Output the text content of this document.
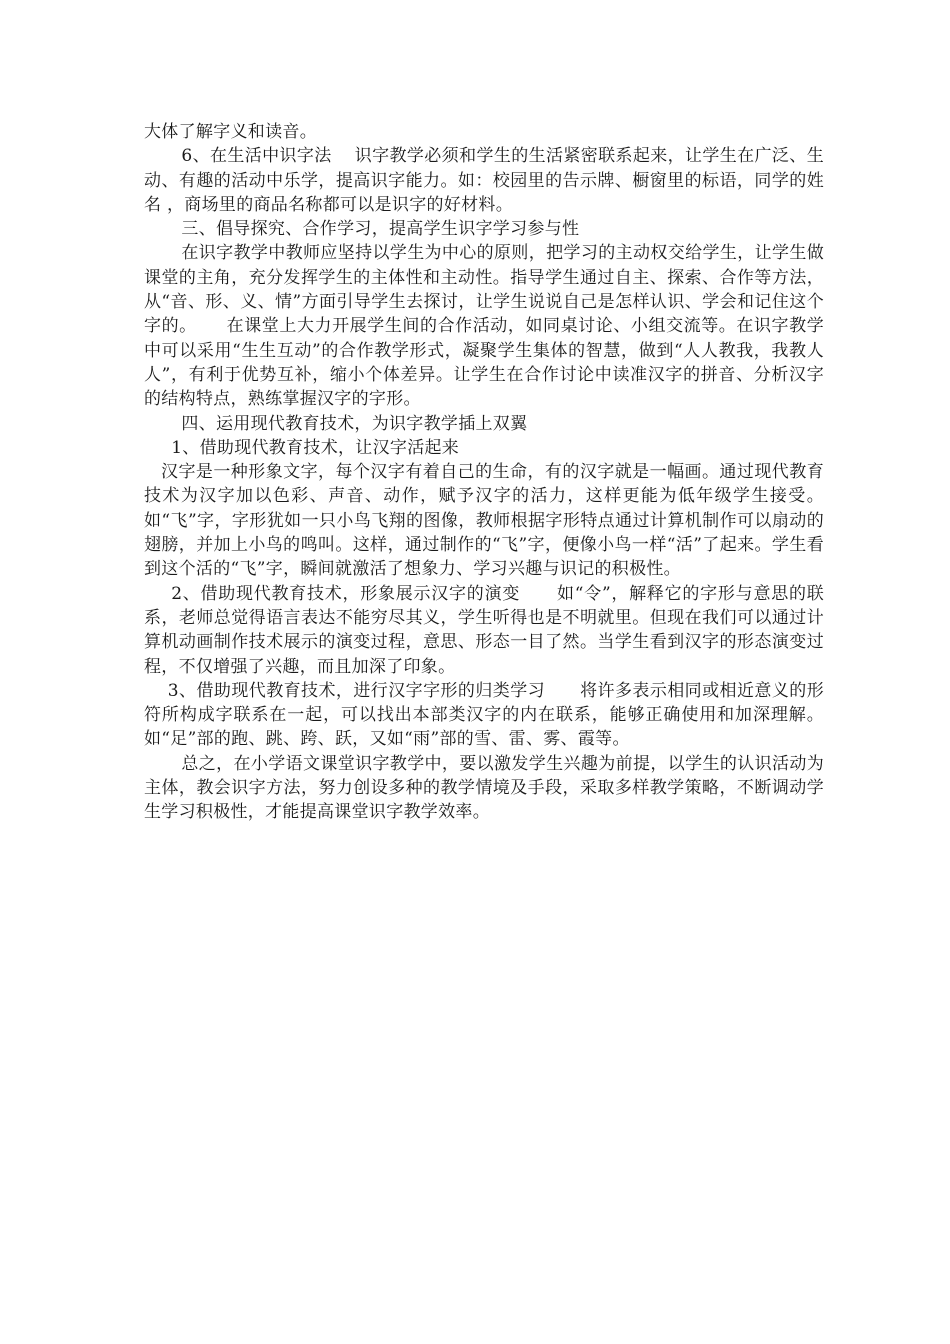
大体了解字义和读音。

6、在生活中识字法    识字教学必须和学生的生活紧密联系起来，让学生在广泛、生动、有趣的活动中乐学，提高识字能力。如：校园里的告示牌、橱窗里的标语，同学的姓名 ，商场里的商品名称都可以是识字的好材料。

三、倡导探究、合作学习，提高学生识字学习参与性

在识字教学中教师应坚持以学生为中心的原则，把学习的主动权交给学生，让学生做课堂的主角，充分发挥学生的主体性和主动性。指导学生通过自主、探索、合作等方法，从“音、形、义、情”方面引导学生去探讨，让学生说说自己是怎样认识、学会和记住这个字的。     在课堂上大力开展学生间的合作活动，如同桌讨论、小组交流等。在识字教学中可以采用“生生互动”的合作教学形式，凝聚学生集体的智慧，做到“人人教我，我教人人”，有利于优势互补，缩小个体差异。让学生在合作讨论中读准汉字的拼音、分析汉字的结构特点，熟练掌握汉字的字形。

四、运用现代教育技术，为识字教学插上双翼

1、借助现代教育技术，让汉字活起来

汉字是一种形象文字，每个汉字有着自己的生命，有的汉字就是一幅画。通过现代教育技术为汉字加以色彩、声音、动作，赋予汉字的活力，这样更能为低年级学生接受。如“飞”字，字形犹如一只小鸟飞翔的图像，教师根据字形特点通过计算机制作可以扇动的翅膀，并加上小鸟的鸣叫。这样，通过制作的“飞”字，便像小鸟一样“活”了起来。学生看到这个活的“飞”字，瞬间就激活了想象力、学习兴趣与识记的积极性。

2、借助现代教育技术，形象展示汉字的演变      如“令”，解释它的字形与意思的联系，老师总觉得语言表达不能穷尽其义，学生听得也是不明就里。但现在我们可以通过计算机动画制作技术展示的演变过程，意思、形态一目了然。当学生看到汉字的形态演变过程，不仅增强了兴趣，而且加深了印象。

3、借助现代教育技术，进行汉字字形的归类学习      将许多表示相同或相近意义的形符所构成字联系在一起，可以找出本部类汉字的内在联系，能够正确使用和加深理解。如“足”部的跑、跳、跨、跃，又如“雨”部的雪、雷、雾、霞等。

总之，在小学语文课堂识字教学中，要以激发学生兴趣为前提，以学生的认识活动为主体，教会识字方法，努力创设多种的教学情境及手段，采取多样教学策略，不断调动学生学习积极性，才能提高课堂识字教学效率。
